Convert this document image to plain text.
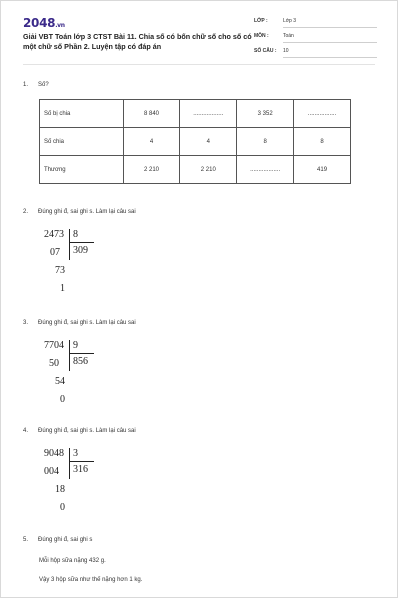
2048.vn
Giải VBT Toán lớp 3 CTST Bài 11. Chia số có bốn chữ số cho số có một chữ số Phần 2. Luyện tập có đáp án
LỚP :	Lớp 3
MÔN :	Toán
SỐ CÂU :	10
1. Số?
Số bị chia	8 840	..................	3 352	.................
Số chia	4	4	8	8
Thương	2 210	2 210	..................	419
2. Đúng ghi đ, sai ghi s. Làm lại câu sai
2473 8
309
07
73
1
3. Đúng ghi đ, sai ghi s. Làm lại câu sai
7704 9
856
50
54
0
4. Đúng ghi đ, sai ghi s. Làm lại câu sai
9048 3
316
004
18
0
5. Đúng ghi đ, sai ghi s
Mỗi hộp sữa nặng 432 g.
Vậy 3 hộp sữa như thế nặng hơn 1 kg.
